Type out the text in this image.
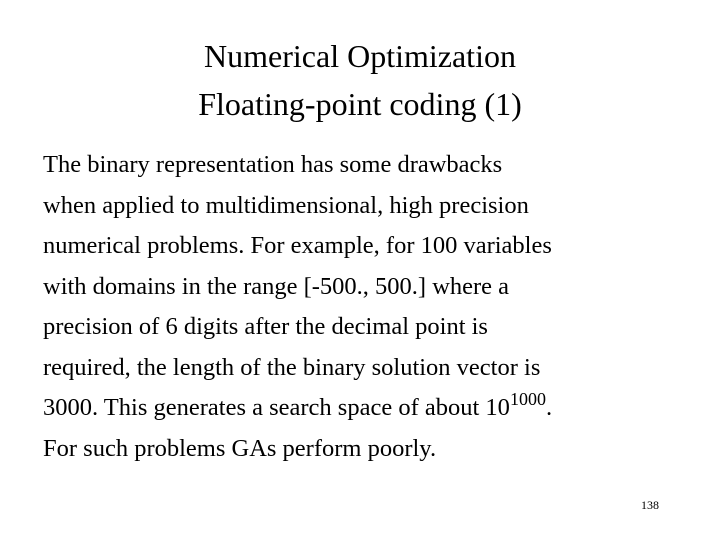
Numerical Optimization
Floating-point coding (1)

The binary representation has some drawbacks
when applied to multidimensional, high precision
numerical problems. For example, for 100 variables
with domains in the range [-500., 500.] where a
precision of 6 digits after the decimal point is
required, the length of the binary solution vector is
3000. This generates a search space of about $10^{1000}$.
For such problems GAs perform poorly.

138
